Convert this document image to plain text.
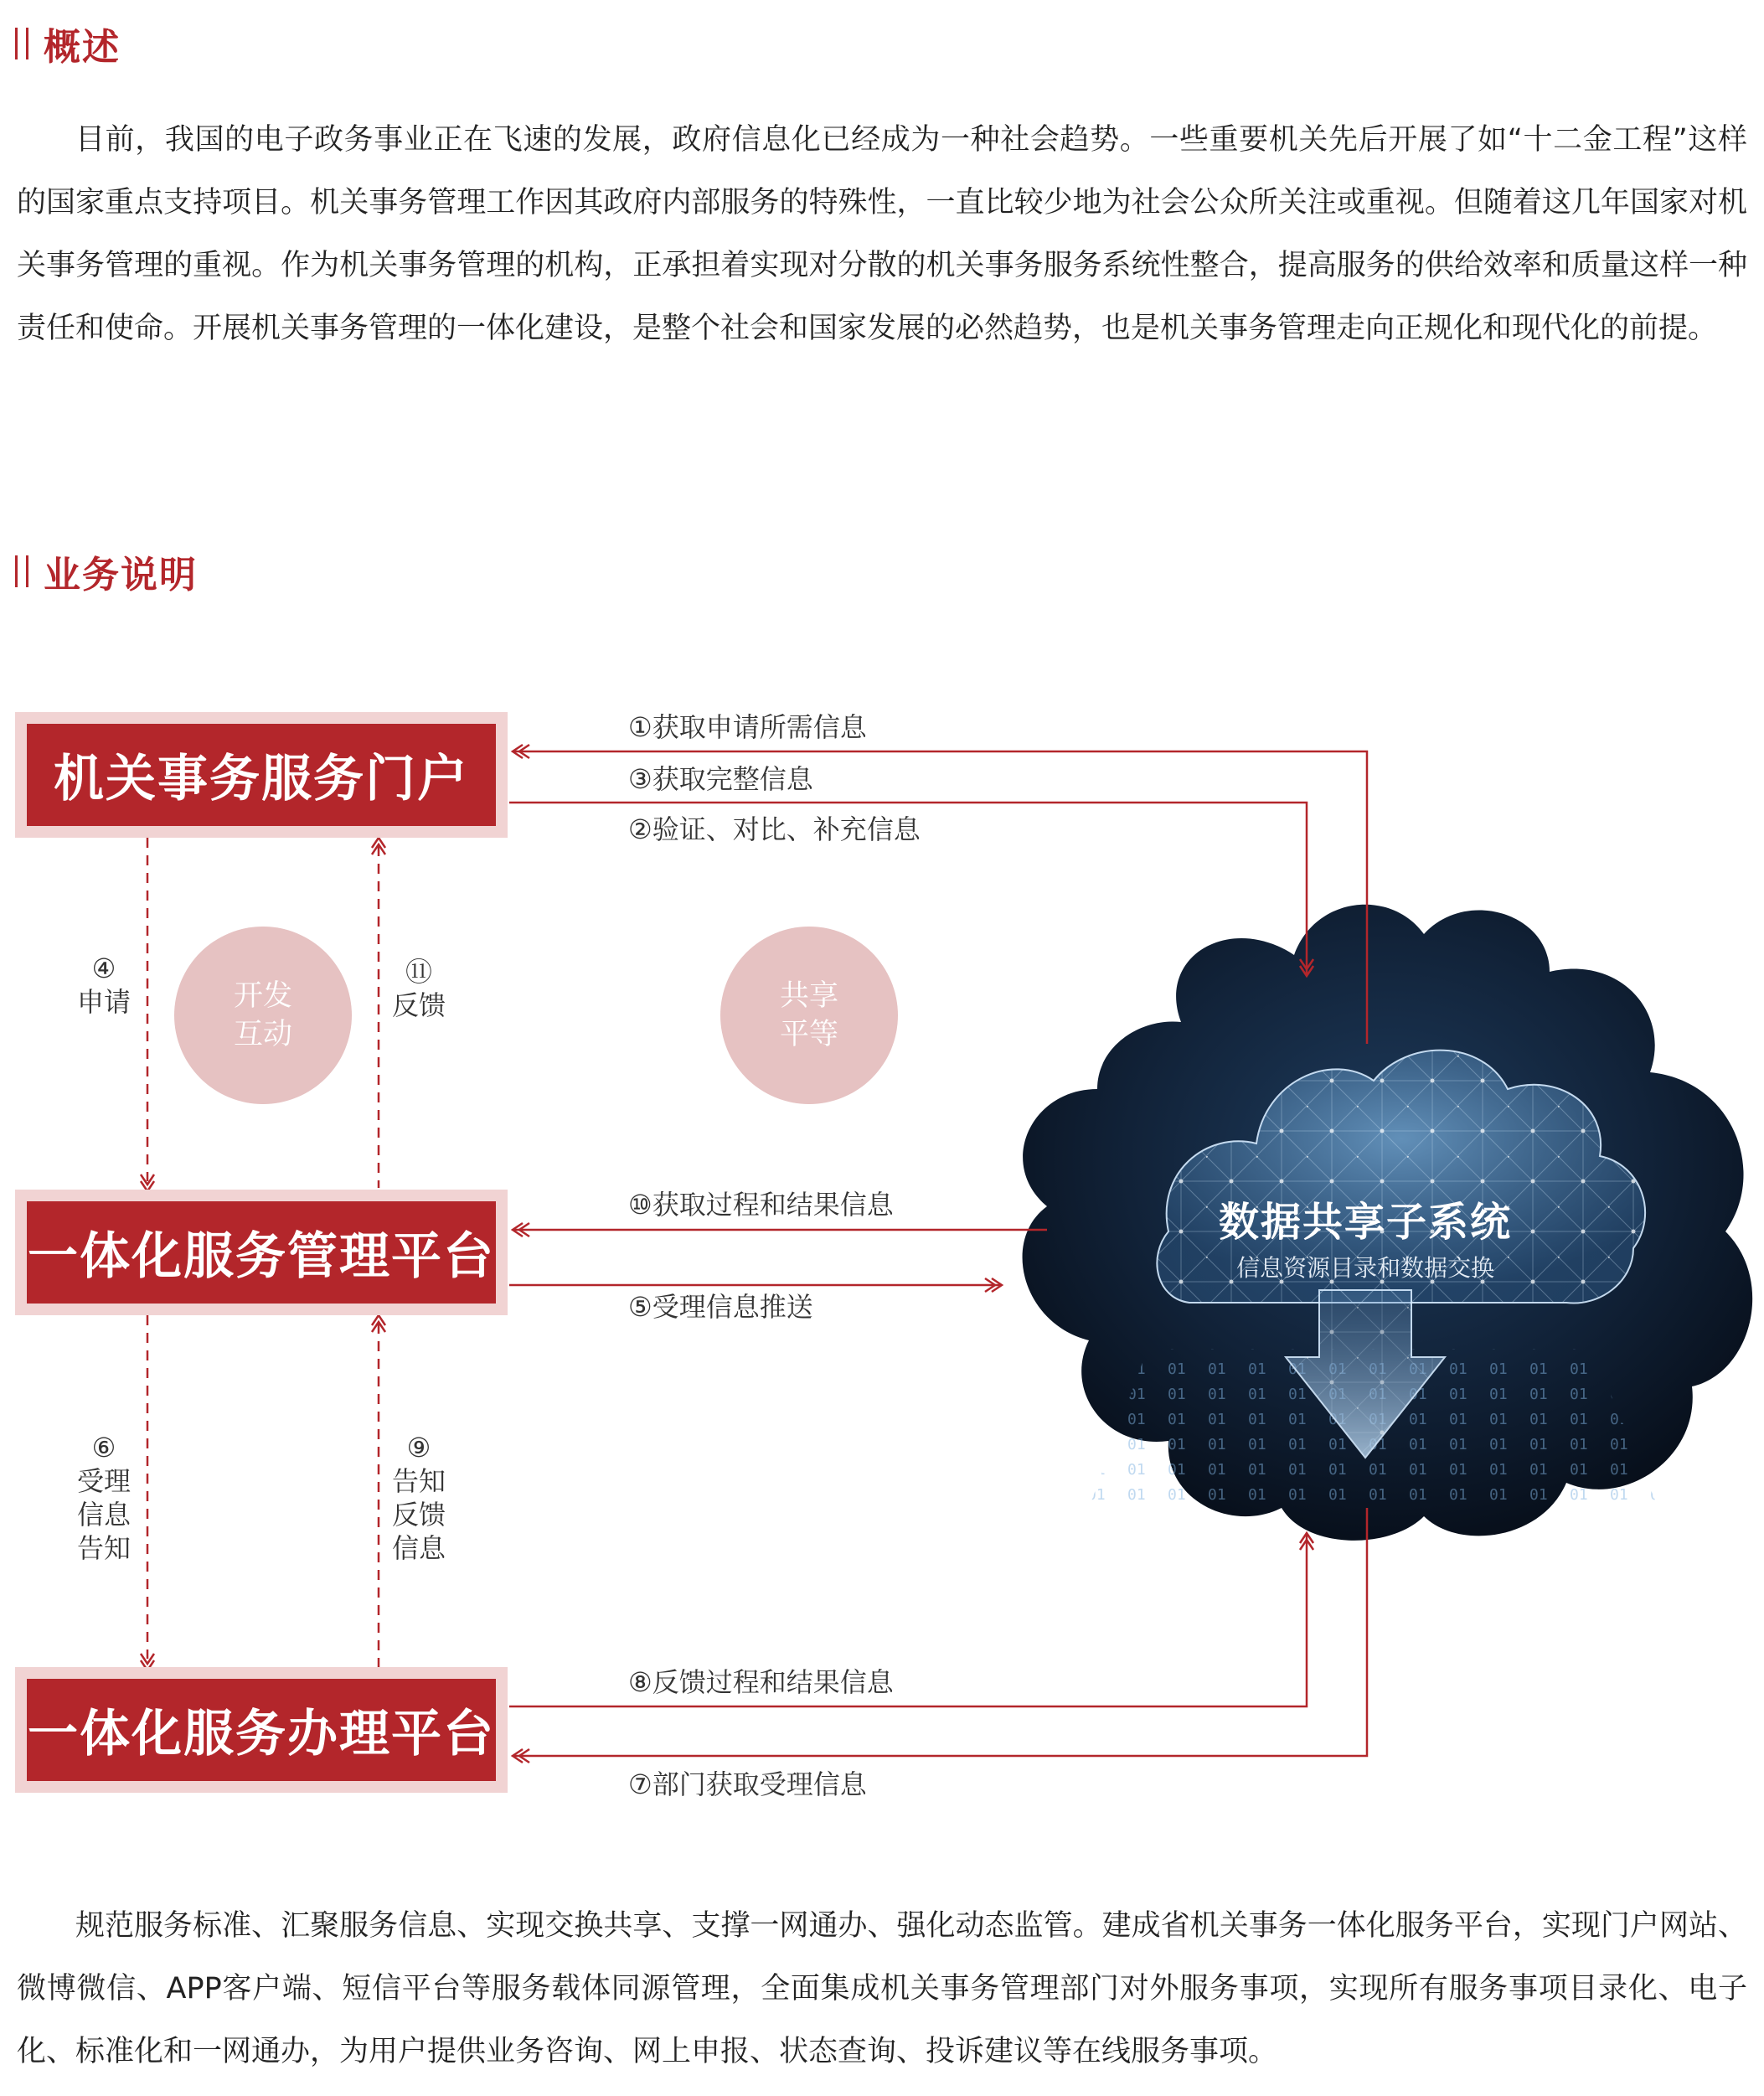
概述

目前，我国的电子政务事业正在飞速的发展，政府信息化已经成为一种社会趋势。一些重要机关先后开展了如“十二金工程”这样的国家重点支持项目。机关事务管理工作因其政府内部服务的特殊性，一直比较少地为社会公众所关注或重视。但随着这几年国家对机关事务管理的重视。作为机关事务管理的机构，正承担着实现对分散的机关事务服务系统性整合，提高服务的供给效率和质量这样一种责任和使命。开展机关事务管理的一体化建设，是整个社会和国家发展的必然趋势，也是机关事务管理走向正规化和现代化的前提。

业务说明
机关事务服务门户
一体化服务管理平台
一体化服务办理平台
开发
互动
共享
平等
数据共享子系统
信息资源目录和数据交换
①获取申请所需信息
③获取完整信息
②验证、对比、补充信息
⑩获取过程和结果信息
⑤受理信息推送
⑧反馈过程和结果信息
⑦部门获取受理信息
④
申请
⑪
反馈
⑥
受理
信息
告知
⑨
告知
反馈
信息

规范服务标准、汇聚服务信息、实现交换共享、支撑一网通办、强化动态监管。建成省机关事务一体化服务平台，实现门户网站、微博微信、APP客户端、短信平台等服务载体同源管理，全面集成机关事务管理部门对外服务事项，实现所有服务事项目录化、电子化、标准化和一网通办，为用户提供业务咨询、网上申报、状态查询、投诉建议等在线服务事项。
